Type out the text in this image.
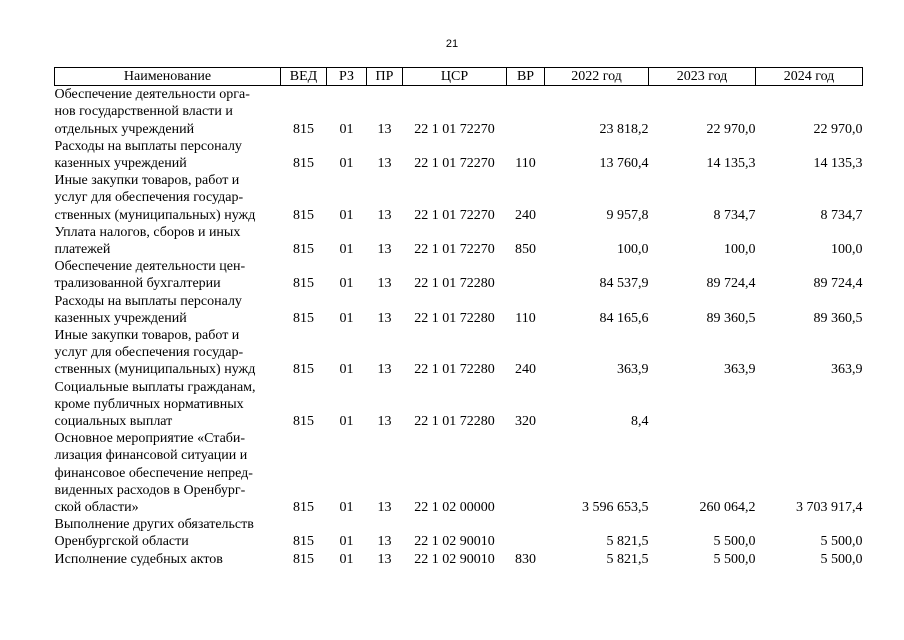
21
Наименование	ВЕД	РЗ	ПР	ЦСР	ВР	2022 год	2023 год	2024 год

Обеспечение деятельности орга-
нов государственной власти и
отдельных учреждений	815	01	13	22 1 01 72270		23 818,2	22 970,0	22 970,0

Расходы на выплаты персоналу
казенных учреждений	815	01	13	22 1 01 72270	110	13 760,4	14 135,3	14 135,3

Иные закупки товаров, работ и
услуг для обеспечения государ-
ственных (муниципальных) нужд	815	01	13	22 1 01 72270	240	9 957,8	8 734,7	8 734,7

Уплата налогов, сборов и иных
платежей	815	01	13	22 1 01 72270	850	100,0	100,0	100,0

Обеспечение деятельности цен-
трализованной бухгалтерии	815	01	13	22 1 01 72280		84 537,9	89 724,4	89 724,4

Расходы на выплаты персоналу
казенных учреждений	815	01	13	22 1 01 72280	110	84 165,6	89 360,5	89 360,5

Иные закупки товаров, работ и
услуг для обеспечения государ-
ственных (муниципальных) нужд	815	01	13	22 1 01 72280	240	363,9	363,9	363,9

Социальные выплаты гражданам,
кроме публичных нормативных
социальных выплат	815	01	13	22 1 01 72280	320	8,4		

Основное мероприятие «Стаби-
лизация финансовой ситуации и
финансовое обеспечение непред-
виденных расходов в Оренбург-
ской области»	815	01	13	22 1 02 00000		3 596 653,5	260 064,2	3 703 917,4

Выполнение других обязательств
Оренбургской области	815	01	13	22 1 02 90010		5 821,5	5 500,0	5 500,0

Исполнение судебных актов	815	01	13	22 1 02 90010	830	5 821,5	5 500,0	5 500,0
